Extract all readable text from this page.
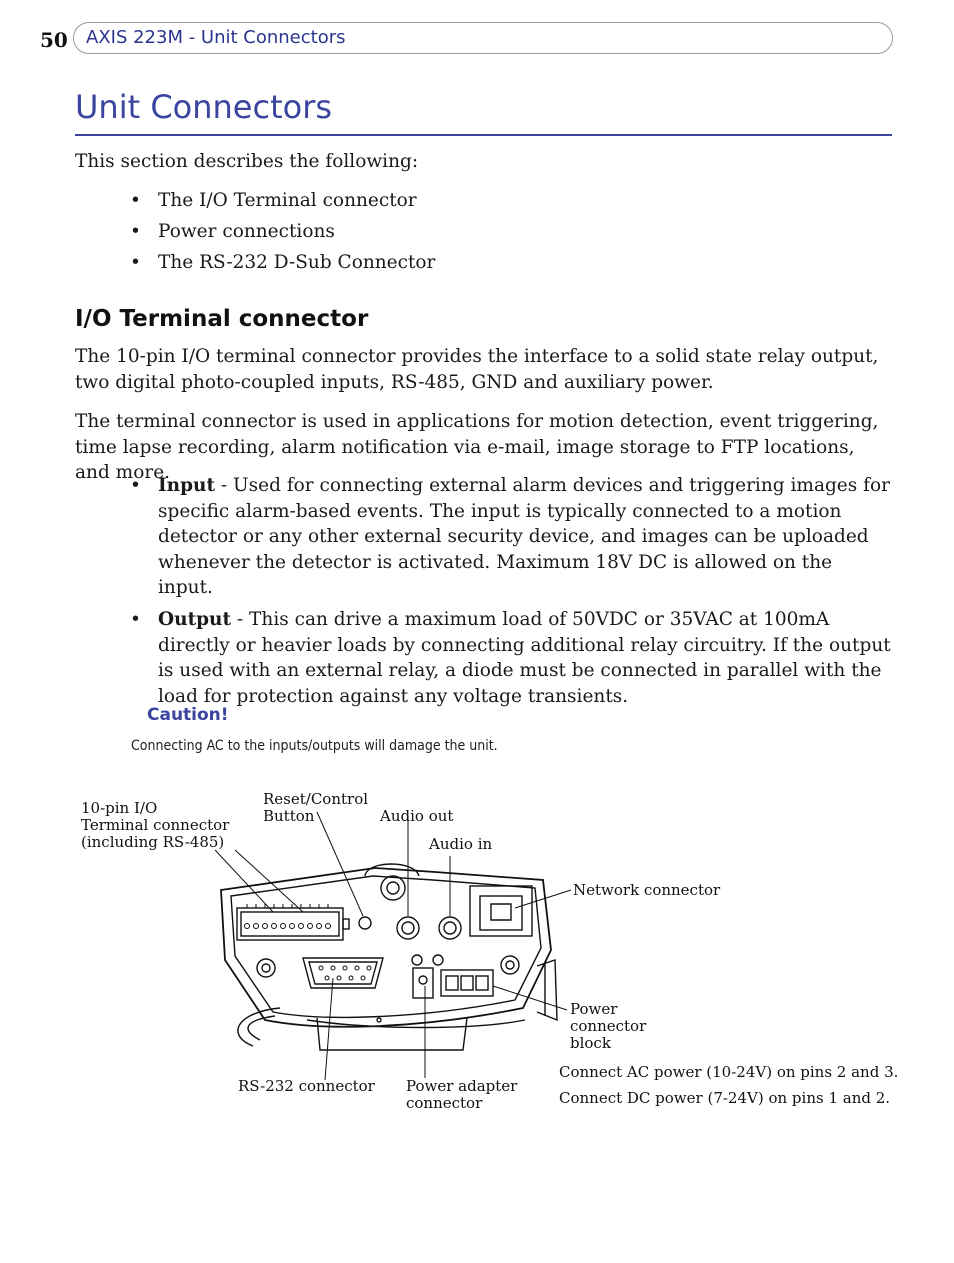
50 AXIS 223M - Unit Connectors
Unit Connectors

This section describes the following:

• The I/O Terminal connector
• Power connections
• The RS-232 D-Sub Connector
I/O Terminal connector

The 10-pin I/O terminal connector provides the interface to a solid state relay output, two digital photo-coupled inputs, RS-485, GND and auxiliary power.

The terminal connector is used in applications for motion detection, event triggering, time lapse recording, alarm notification via e-mail, image storage to FTP locations, and more.

• Input - Used for connecting external alarm devices and triggering images for specific alarm-based events. The input is typically connected to a motion detector or any other external security device, and images can be uploaded whenever the detector is activated. Maximum 18V DC is allowed on the input.
• Output - This can drive a maximum load of 50VDC or 35VAC at 100mA directly or heavier loads by connecting additional relay circuitry. If the output is used with an external relay, a diode must be connected in parallel with the load for protection against any voltage transients.
Caution!
Connecting AC to the inputs/outputs will damage the unit.
10-pin I/O
Terminal connector
(including RS-485)
Reset/Control
Button	Audio out
Audio in
Network connector
Power
connector
block
RS-232 connector Power adapter
connector
Connect AC power (10-24V) on pins 2 and 3.
Connect DC power (7-24V) on pins 1 and 2.
